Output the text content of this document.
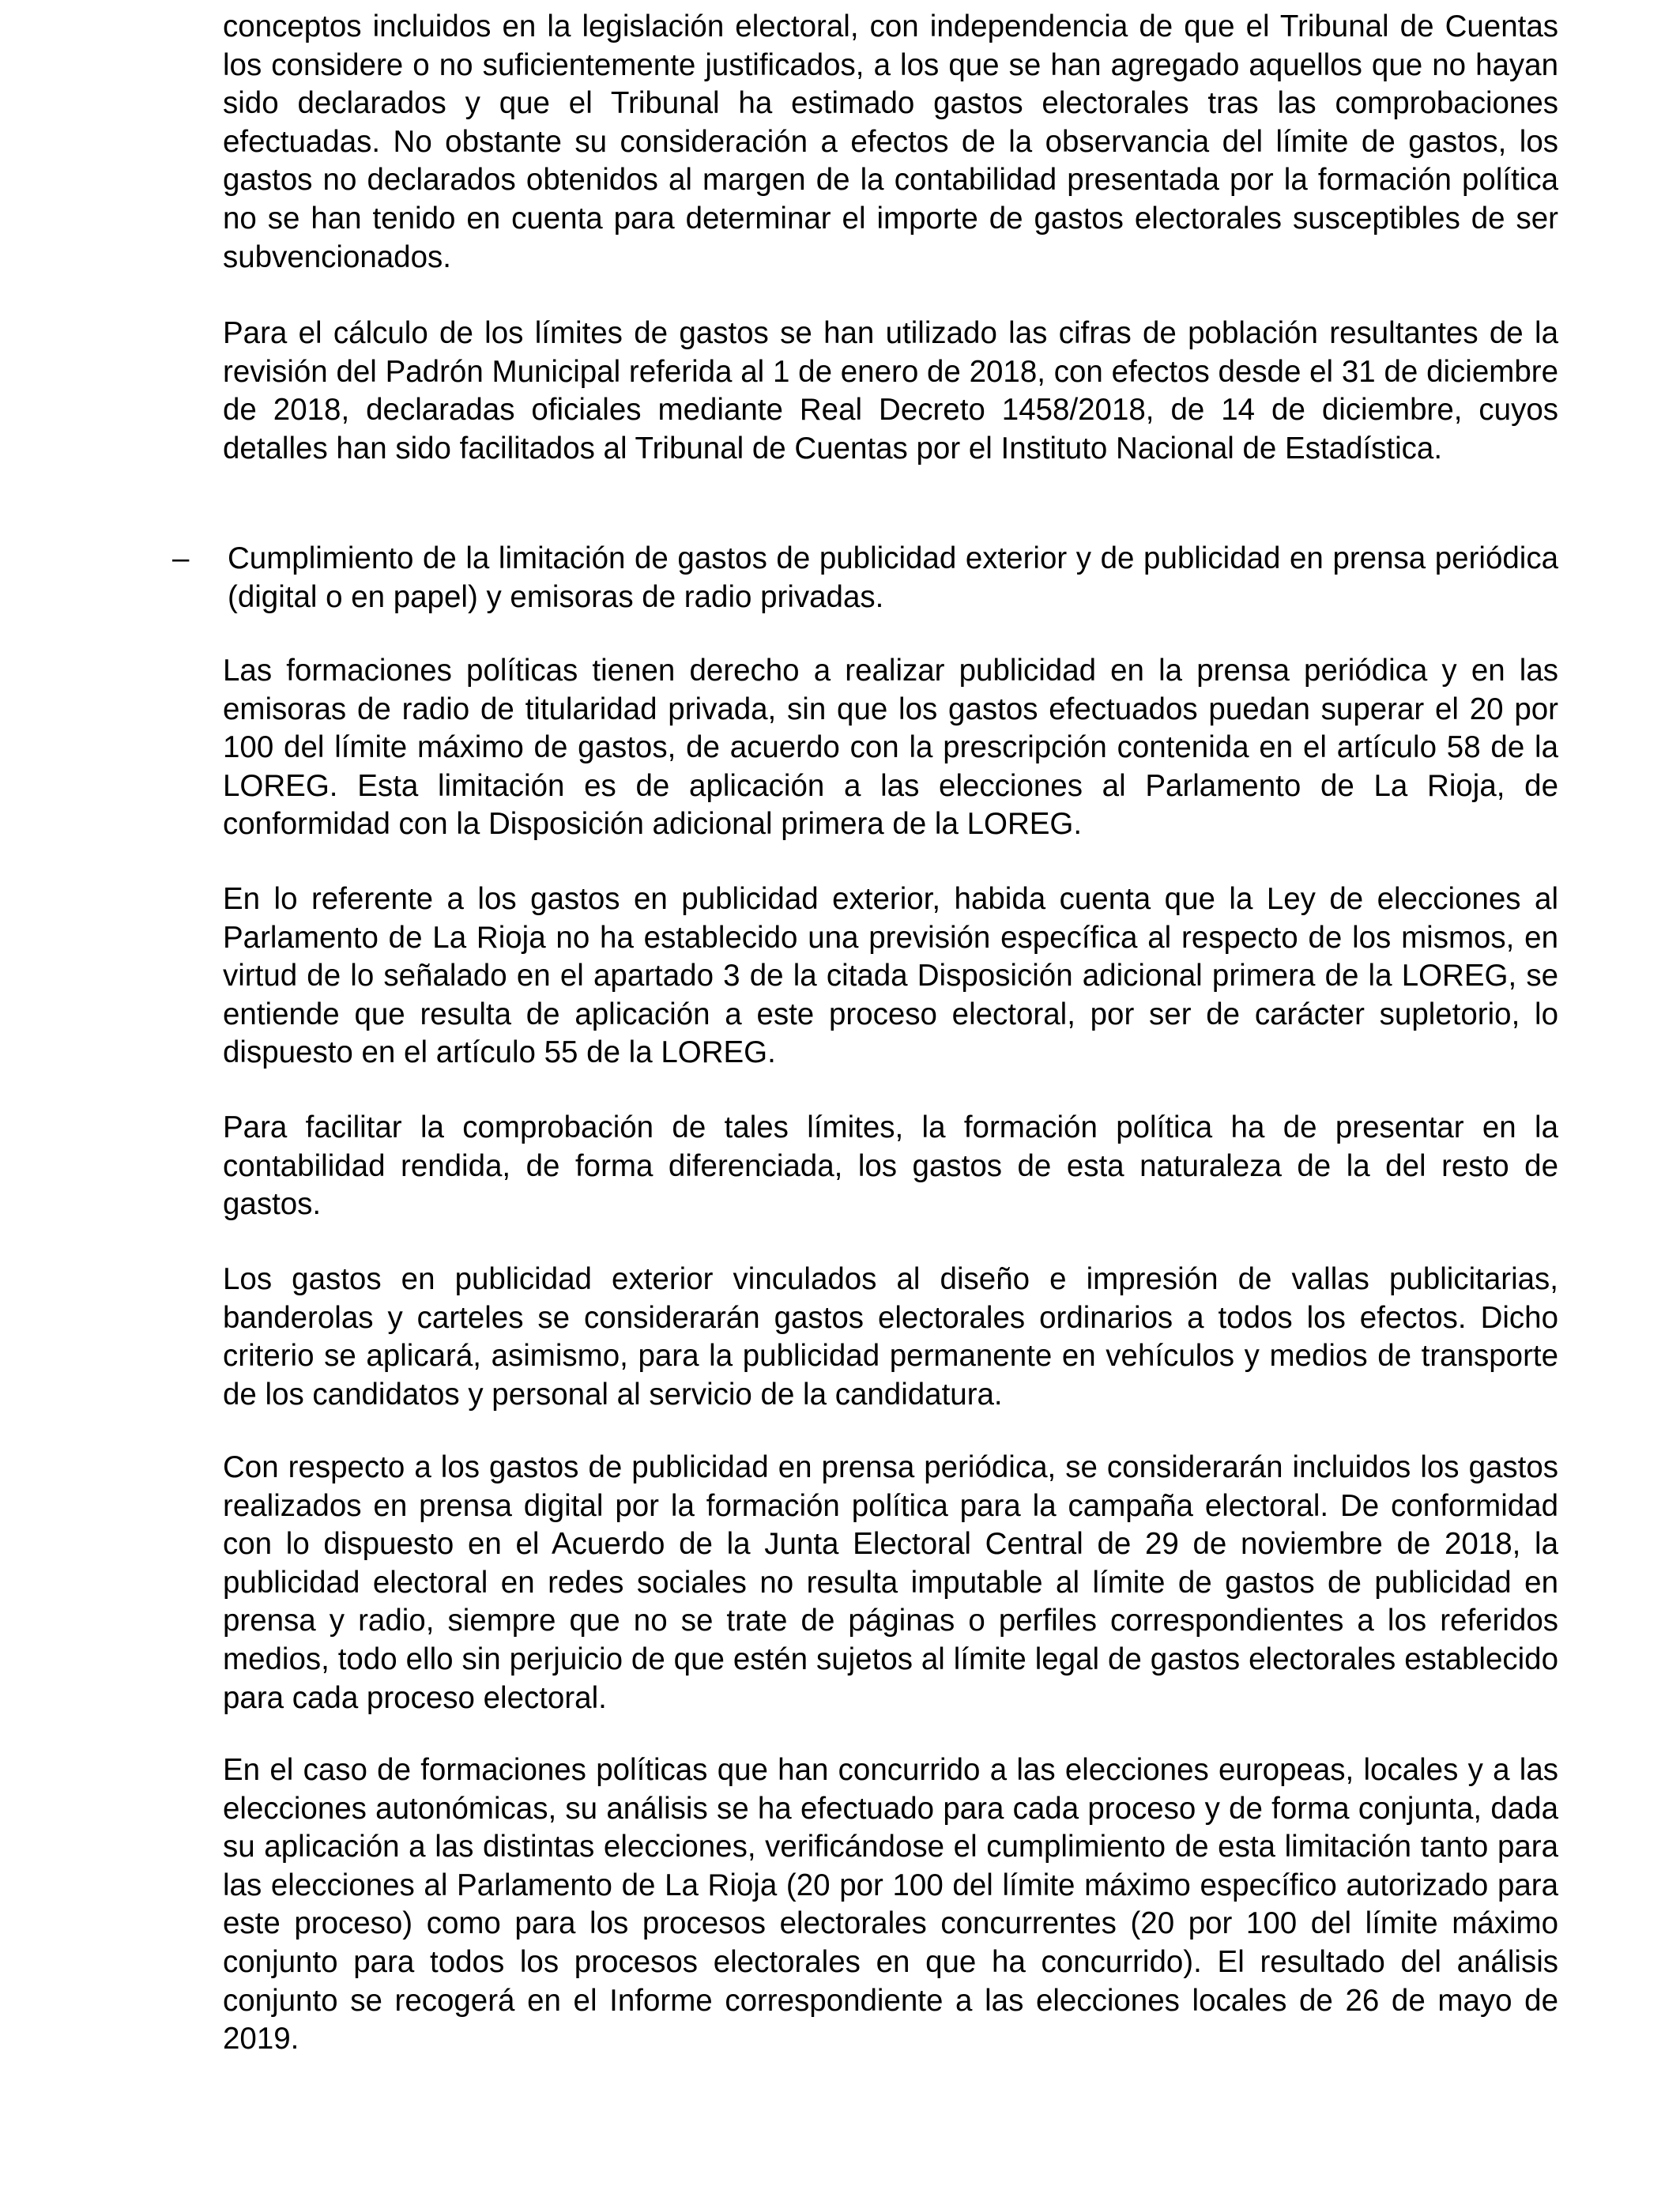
conceptos incluidos en la legislación electoral, con independencia de que el Tribunal de Cuentas los considere o no suficientemente justificados, a los que se han agregado aquellos que no hayan sido declarados y que el Tribunal ha estimado gastos electorales tras las comprobaciones efectuadas. No obstante su consideración a efectos de la observancia del límite de gastos, los gastos no declarados obtenidos al margen de la contabilidad presentada por la formación política no se han tenido en cuenta para determinar el importe de gastos electorales susceptibles de ser subvencionados.

Para el cálculo de los límites de gastos se han utilizado las cifras de población resultantes de la revisión del Padrón Municipal referida al 1 de enero de 2018, con efectos desde el 31 de diciembre de 2018, declaradas oficiales mediante Real Decreto 1458/2018, de 14 de diciembre, cuyos detalles han sido facilitados al Tribunal de Cuentas por el Instituto Nacional de Estadística.

– Cumplimiento de la limitación de gastos de publicidad exterior y de publicidad en prensa periódica (digital o en papel) y emisoras de radio privadas.

Las formaciones políticas tienen derecho a realizar publicidad en la prensa periódica y en las emisoras de radio de titularidad privada, sin que los gastos efectuados puedan superar el 20 por 100 del límite máximo de gastos, de acuerdo con la prescripción contenida en el artículo 58 de la LOREG. Esta limitación es de aplicación a las elecciones al Parlamento de La Rioja, de conformidad con la Disposición adicional primera de la LOREG.

En lo referente a los gastos en publicidad exterior, habida cuenta que la Ley de elecciones al Parlamento de La Rioja no ha establecido una previsión específica al respecto de los mismos, en virtud de lo señalado en el apartado 3 de la citada Disposición adicional primera de la LOREG, se entiende que resulta de aplicación a este proceso electoral, por ser de carácter supletorio, lo dispuesto en el artículo 55 de la LOREG.

Para facilitar la comprobación de tales límites, la formación política ha de presentar en la contabilidad rendida, de forma diferenciada, los gastos de esta naturaleza de la del resto de gastos.

Los gastos en publicidad exterior vinculados al diseño e impresión de vallas publicitarias, banderolas y carteles se considerarán gastos electorales ordinarios a todos los efectos. Dicho criterio se aplicará, asimismo, para la publicidad permanente en vehículos y medios de transporte de los candidatos y personal al servicio de la candidatura.

Con respecto a los gastos de publicidad en prensa periódica, se considerarán incluidos los gastos realizados en prensa digital por la formación política para la campaña electoral. De conformidad con lo dispuesto en el Acuerdo de la Junta Electoral Central de 29 de noviembre de 2018, la publicidad electoral en redes sociales no resulta imputable al límite de gastos de publicidad en prensa y radio, siempre que no se trate de páginas o perfiles correspondientes a los referidos medios, todo ello sin perjuicio de que estén sujetos al límite legal de gastos electorales establecido para cada proceso electoral.

En el caso de formaciones políticas que han concurrido a las elecciones europeas, locales y a las elecciones autonómicas, su análisis se ha efectuado para cada proceso y de forma conjunta, dada su aplicación a las distintas elecciones, verificándose el cumplimiento de esta limitación tanto para las elecciones al Parlamento de La Rioja (20 por 100 del límite máximo específico autorizado para este proceso) como para los procesos electorales concurrentes (20 por 100 del límite máximo conjunto para todos los procesos electorales en que ha concurrido). El resultado del análisis conjunto se recogerá en el Informe correspondiente a las elecciones locales de 26 de mayo de 2019.
